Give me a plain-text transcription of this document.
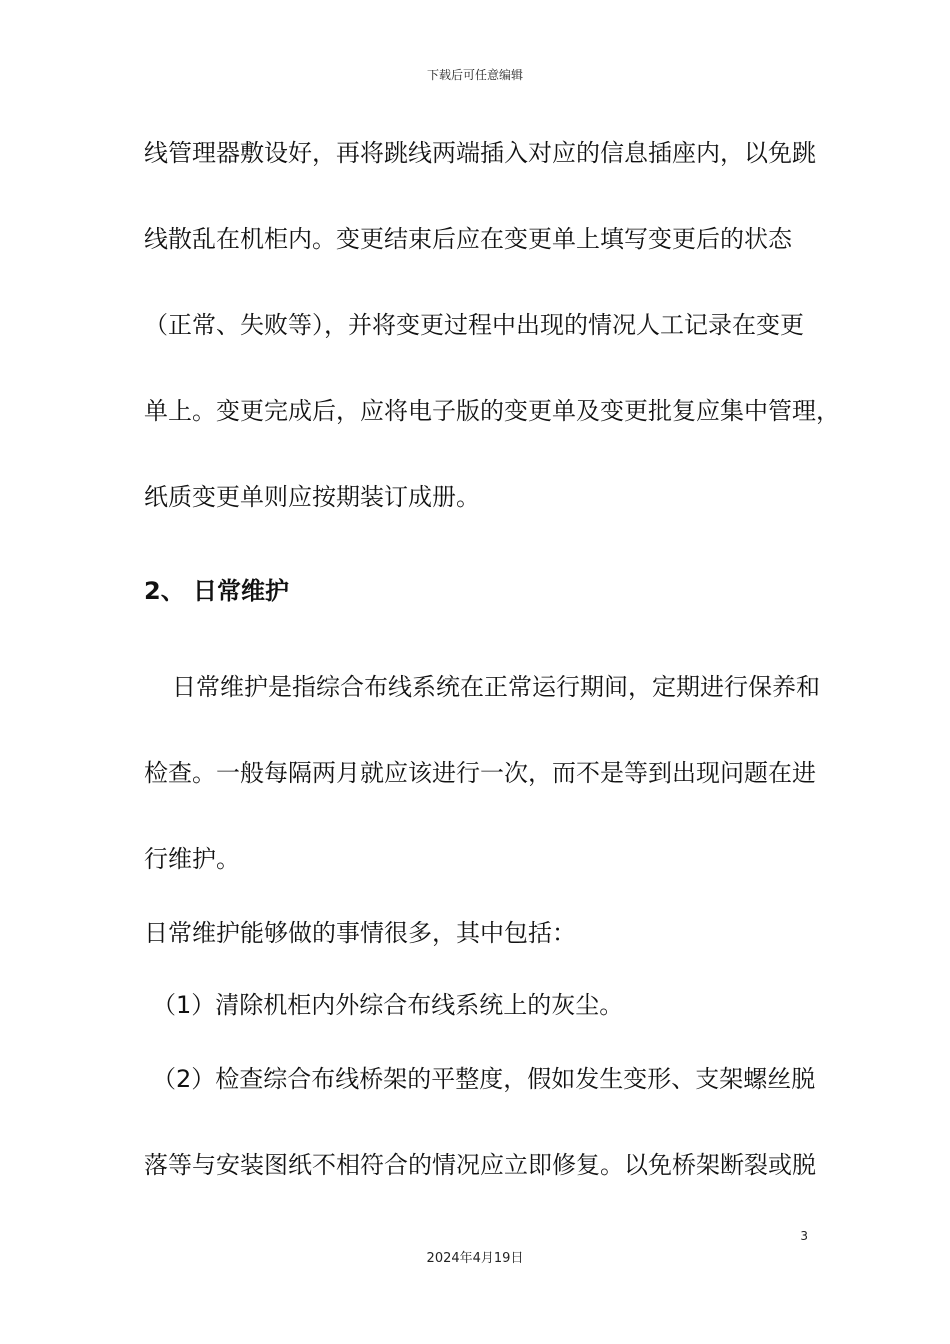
下载后可任意编辑
线管理器敷设好，再将跳线两端插入对应的信息插座内，以免跳
线散乱在机柜内。变更结束后应在变更单上填写变更后的状态
（正常、失败等），并将变更过程中出现的情况人工记录在变更
单上。变更完成后，应将电子版的变更单及变更批复应集中管理，
纸质变更单则应按期装订成册。
2、 日常维护
日常维护是指综合布线系统在正常运行期间，定期进行保养和
检查。一般每隔两月就应该进行一次，而不是等到出现问题在进
行维护。
日常维护能够做的事情很多，其中包括：
（1）清除机柜内外综合布线系统上的灰尘。
（2）检查综合布线桥架的平整度，假如发生变形、支架螺丝脱
落等与安装图纸不相符合的情况应立即修复。以免桥架断裂或脱
3
2024年4月19日
